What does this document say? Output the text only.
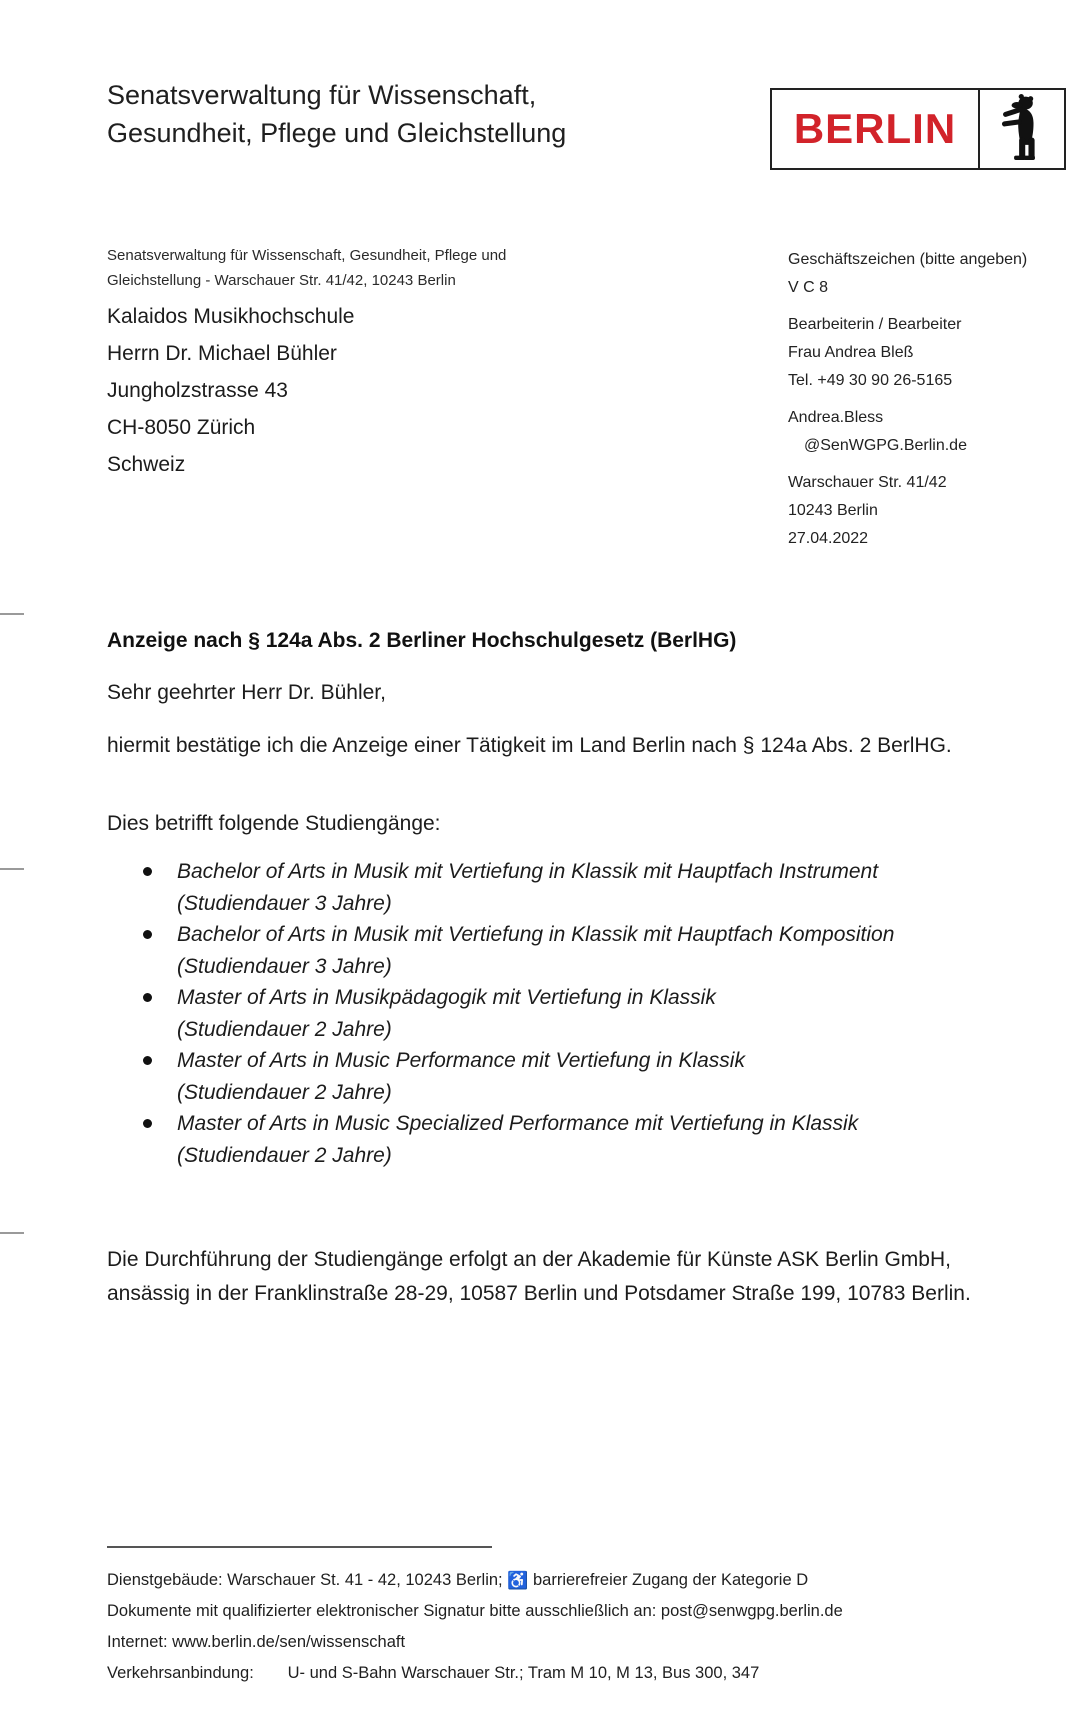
Senatsverwaltung für Wissenschaft,
Gesundheit, Pflege und Gleichstellung	BERLIN
Senatsverwaltung für Wissenschaft, Gesundheit, Pflege und
Gleichstellung - Warschauer Str. 41/42, 10243 Berlin
Kalaidos Musikhochschule
Herrn Dr. Michael Bühler
Jungholzstrasse 43
CH-8050 Zürich
Schweiz
Geschäftszeichen (bitte angeben)
V C 8
Bearbeiterin / Bearbeiter
Frau Andrea Bleß
Tel. +49 30 90 26-5165
Andrea.Bless
@SenWGPG.Berlin.de
Warschauer Str. 41/42
10243 Berlin
27.04.2022
Anzeige nach § 124a Abs. 2 Berliner Hochschulgesetz (BerlHG)
Sehr geehrter Herr Dr. Bühler,
hiermit bestätige ich die Anzeige einer Tätigkeit im Land Berlin nach § 124a Abs. 2 BerlHG.
Dies betrifft folgende Studiengänge:
Bachelor of Arts in Musik mit Vertiefung in Klassik mit Hauptfach Instrument
(Studiendauer 3 Jahre)
Bachelor of Arts in Musik mit Vertiefung in Klassik mit Hauptfach Komposition
(Studiendauer 3 Jahre)
Master of Arts in Musikpädagogik mit Vertiefung in Klassik
(Studiendauer 2 Jahre)
Master of Arts in Music Performance mit Vertiefung in Klassik
(Studiendauer 2 Jahre)
Master of Arts in Music Specialized Performance mit Vertiefung in Klassik
(Studiendauer 2 Jahre)
Die Durchführung der Studiengänge erfolgt an der Akademie für Künste ASK Berlin GmbH, ansässig in der Franklinstraße 28-29, 10587 Berlin und Potsdamer Straße 199, 10783 Berlin.
Dienstgebäude: Warschauer St. 41 - 42, 10243 Berlin; ♿ barrierefreier Zugang der Kategorie D
Dokumente mit qualifizierter elektronischer Signatur bitte ausschließlich an: post@senwgpg.berlin.de
Internet: www.berlin.de/sen/wissenschaft
Verkehrsanbindung: U- und S-Bahn Warschauer Str.; Tram M 10, M 13, Bus 300, 347
